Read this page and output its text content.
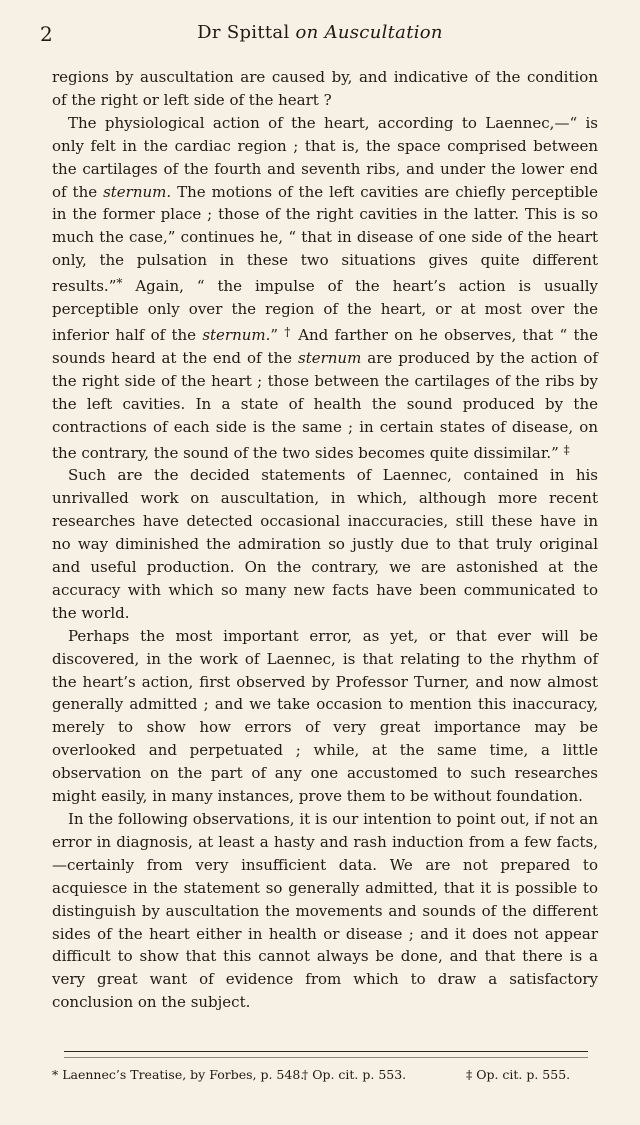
2	Dr Spittal on Auscultation

regions by auscultation are caused by, and indicative of the condition of the right or left side of the heart ?

The physiological action of the heart, according to Laennec,—“ is only felt in the cardiac region ; that is, the space comprised between the cartilages of the fourth and seventh ribs, and under the lower end of the sternum. The motions of the left cavities are chiefly perceptible in the former place ; those of the right cavities in the latter. This is so much the case,” continues he, “ that in disease of one side of the heart only, the pulsation in these two situations gives quite different results.”* Again, “ the impulse of the heart’s action is usually perceptible only over the region of the heart, or at most over the inferior half of the sternum.” † And farther on he observes, that “ the sounds heard at the end of the sternum are produced by the action of the right side of the heart ; those between the cartilages of the ribs by the left cavities. In a state of health the sound produced by the contractions of each side is the same ; in certain states of disease, on the contrary, the sound of the two sides becomes quite dissimilar.” ‡

Such are the decided statements of Laennec, contained in his unrivalled work on auscultation, in which, although more recent researches have detected occasional inaccuracies, still these have in no way diminished the admiration so justly due to that truly original and useful production. On the contrary, we are astonished at the accuracy with which so many new facts have been communicated to the world.

Perhaps the most important error, as yet, or that ever will be discovered, in the work of Laennec, is that relating to the rhythm of the heart’s action, first observed by Professor Turner, and now almost generally admitted ; and we take occasion to mention this inaccuracy, merely to show how errors of very great importance may be overlooked and perpetuated ; while, at the same time, a little observation on the part of any one accustomed to such researches might easily, in many instances, prove them to be without foundation.

In the following observations, it is our intention to point out, if not an error in diagnosis, at least a hasty and rash induction from a few facts,—certainly from very insufficient data. We are not prepared to acquiesce in the statement so generally admitted, that it is possible to distinguish by auscultation the movements and sounds of the different sides of the heart either in health or disease ; and it does not appear difficult to show that this cannot always be done, and that there is a very great want of evidence from which to draw a satisfactory conclusion on the subject.

* Laennec’s Treatise, by Forbes, p. 548. † Op. cit. p. 553.	‡ Op. cit. p. 555.
